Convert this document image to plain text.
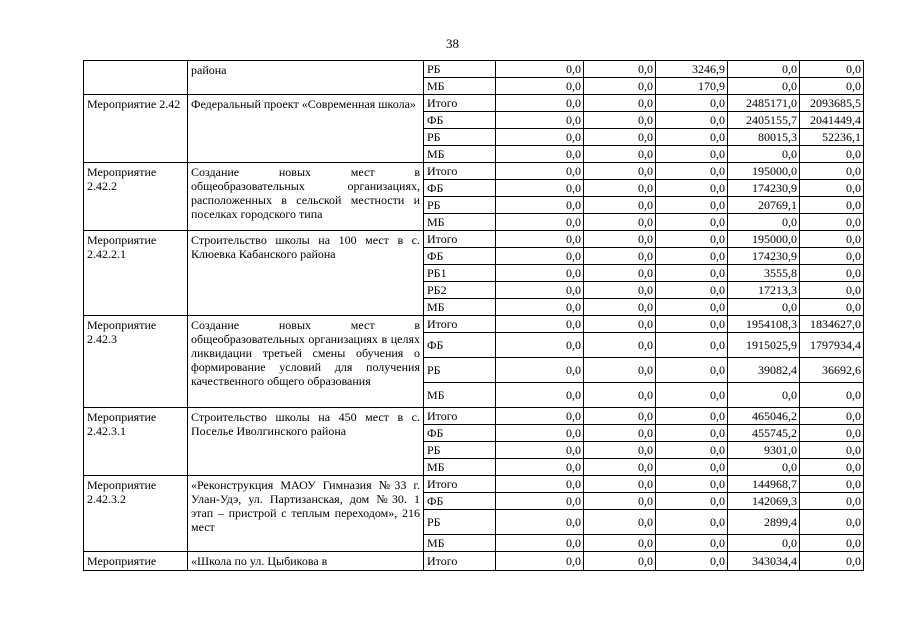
38
	района	РБ	0,0	0,0	3246,9	0,0	0,0
		МБ	0,0	0,0	170,9	0,0	0,0
Мероприятие 2.42	Федеральный проект «Современная школа»	Итого	0,0	0,0	0,0	2485171,0	2093685,5
		ФБ	0,0	0,0	0,0	2405155,7	2041449,4
		РБ	0,0	0,0	0,0	80015,3	52236,1
		МБ	0,0	0,0	0,0	0,0	0,0
Мероприятие 2.42.2	Создание новых мест в общеобразовательных организациях, расположенных в сельской местности и поселках городского типа	Итого	0,0	0,0	0,0	195000,0	0,0
		ФБ	0,0	0,0	0,0	174230,9	0,0
		РБ	0,0	0,0	0,0	20769,1	0,0
		МБ	0,0	0,0	0,0	0,0	0,0
Мероприятие 2.42.2.1	Строительство школы на 100 мест в с. Клюевка Кабанского района	Итого	0,0	0,0	0,0	195000,0	0,0
		ФБ	0,0	0,0	0,0	174230,9	0,0
		РБ1	0,0	0,0	0,0	3555,8	0,0
		РБ2	0,0	0,0	0,0	17213,3	0,0
		МБ	0,0	0,0	0,0	0,0	0,0
Мероприятие 2.42.3	Создание новых мест в общеобразовательных организациях в целях ликвидации третьей смены обучения о формирование условий для получения качественного общего образования	Итого	0,0	0,0	0,0	1954108,3	1834627,0
		ФБ	0,0	0,0	0,0	1915025,9	1797934,4
		РБ	0,0	0,0	0,0	39082,4	36692,6
		МБ	0,0	0,0	0,0	0,0	0,0
Мероприятие 2.42.3.1	Строительство школы на 450 мест в с. Поселье Иволгинского района	Итого	0,0	0,0	0,0	465046,2	0,0
		ФБ	0,0	0,0	0,0	455745,2	0,0
		РБ	0,0	0,0	0,0	9301,0	0,0
		МБ	0,0	0,0	0,0	0,0	0,0
Мероприятие 2.42.3.2	«Реконструкция МАОУ Гимназия №33 г. Улан-Удэ, ул. Партизанская, дом №30. 1 этап – пристрой с теплым переходом», 216 мест	Итого	0,0	0,0	0,0	144968,7	0,0
		ФБ	0,0	0,0	0,0	142069,3	0,0
		РБ	0,0	0,0	0,0	2899,4	0,0
		МБ	0,0	0,0	0,0	0,0	0,0
Мероприятие	«Школа по ул. Цыбикова в	Итого	0,0	0,0	0,0	343034,4	0,0
